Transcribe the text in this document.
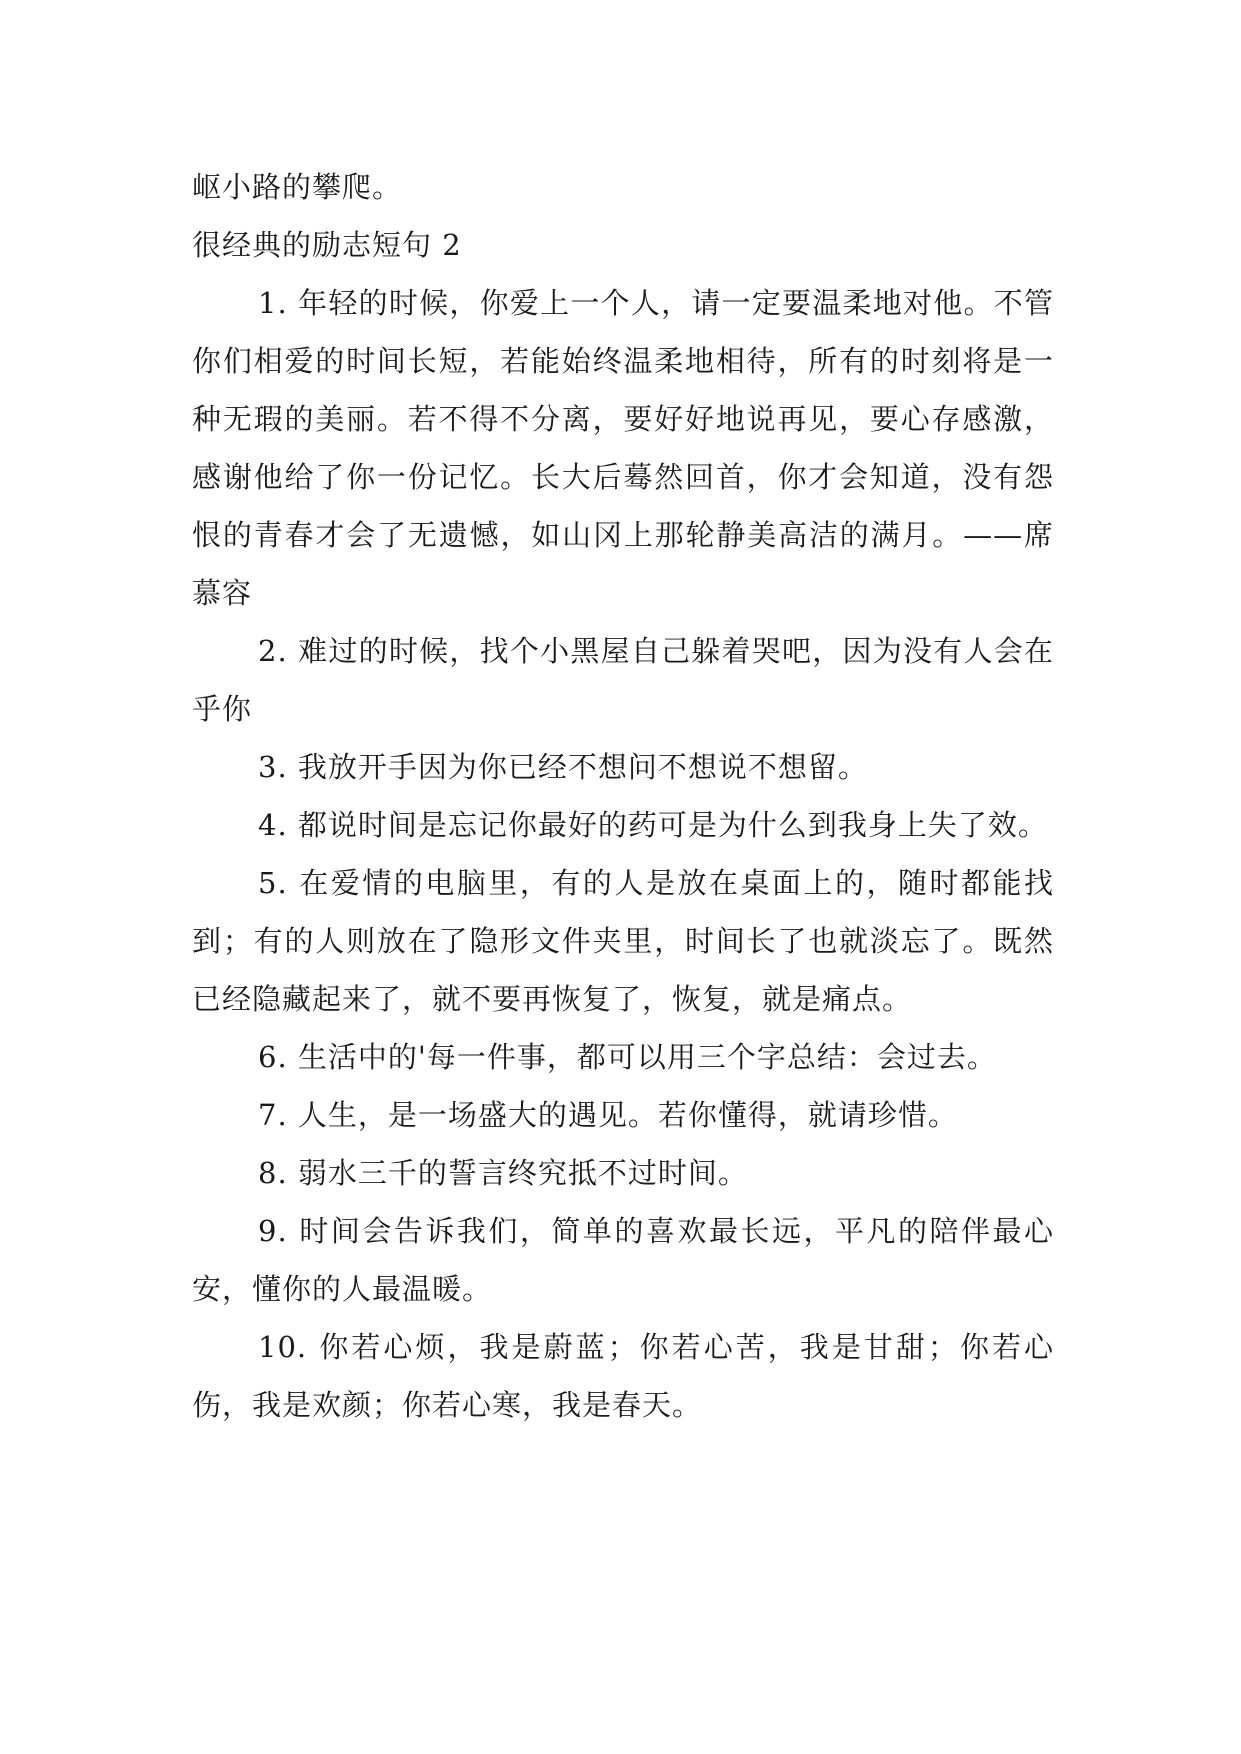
岖小路的攀爬。

很经典的励志短句 2

1. 年轻的时候，你爱上一个人，请一定要温柔地对他。不管你们相爱的时间长短，若能始终温柔地相待，所有的时刻将是一种无瑕的美丽。若不得不分离，要好好地说再见，要心存感激，感谢他给了你一份记忆。长大后蓦然回首，你才会知道，没有怨恨的青春才会了无遗憾，如山冈上那轮静美高洁的满月。——席慕容

2. 难过的时候，找个小黑屋自己躲着哭吧，因为没有人会在乎你

3. 我放开手因为你已经不想问不想说不想留。

4. 都说时间是忘记你最好的药可是为什么到我身上失了效。

5. 在爱情的电脑里，有的人是放在桌面上的，随时都能找到；有的人则放在了隐形文件夹里，时间长了也就淡忘了。既然已经隐藏起来了，就不要再恢复了，恢复，就是痛点。

6. 生活中的'每一件事，都可以用三个字总结：会过去。

7. 人生，是一场盛大的遇见。若你懂得，就请珍惜。

8. 弱水三千的誓言终究抵不过时间。

9. 时间会告诉我们，简单的喜欢最长远，平凡的陪伴最心安，懂你的人最温暖。

10. 你若心烦，我是蔚蓝；你若心苦，我是甘甜；你若心伤，我是欢颜；你若心寒，我是春天。
